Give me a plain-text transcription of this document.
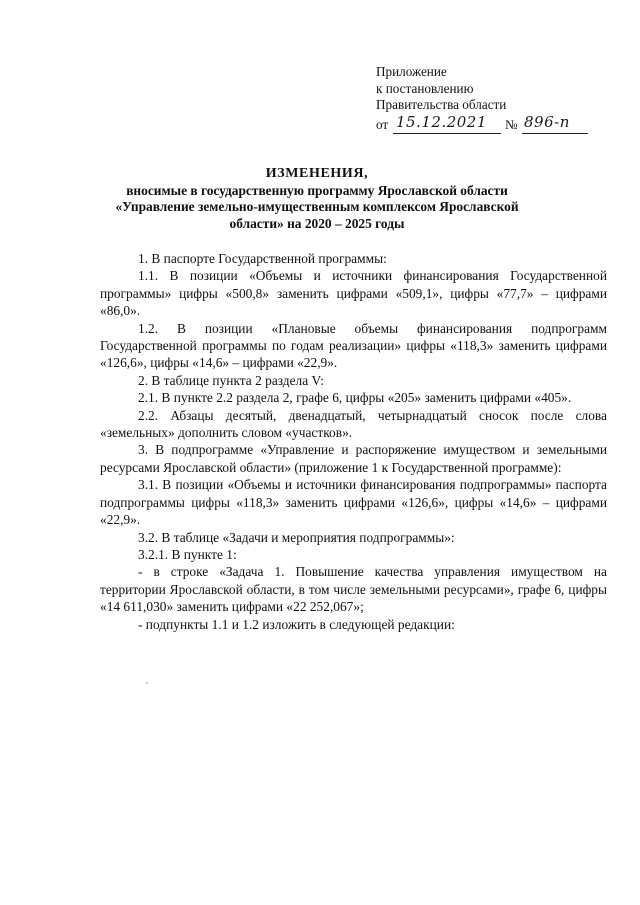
Приложение
к постановлению
Правительства области
от 15.12.2021 № 896-п
ИЗМЕНЕНИЯ,
вносимые в государственную программу Ярославской области
«Управление земельно-имущественным комплексом Ярославской
области» на 2020 – 2025 годы

1. В паспорте Государственной программы:

1.1. В позиции «Объемы и источники финансирования Государственной программы» цифры «500,8» заменить цифрами «509,1», цифры «77,7» – цифрами «86,0».

1.2. В позиции «Плановые объемы финансирования подпрограмм Государственной программы по годам реализации» цифры «118,3» заменить цифрами «126,6», цифры «14,6» – цифрами «22,9».

2. В таблице пункта 2 раздела V:

2.1. В пункте 2.2 раздела 2, графе 6, цифры «205» заменить цифрами «405».

2.2. Абзацы десятый, двенадцатый, четырнадцатый сносок после слова «земельных» дополнить словом «участков».

3. В подпрограмме «Управление и распоряжение имуществом и земельными ресурсами Ярославской области» (приложение 1 к Государственной программе):

3.1. В позиции «Объемы и источники финансирования подпрограммы» паспорта подпрограммы цифры «118,3» заменить цифрами «126,6», цифры «14,6» – цифрами «22,9».

3.2. В таблице «Задачи и мероприятия подпрограммы»:

3.2.1. В пункте 1:

- в строке «Задача 1. Повышение качества управления имуществом на территории Ярославской области, в том числе земельными ресурсами», графе 6, цифры «14 611,030» заменить цифрами «22 252,067»;

- подпункты 1.1 и 1.2 изложить в следующей редакции:
